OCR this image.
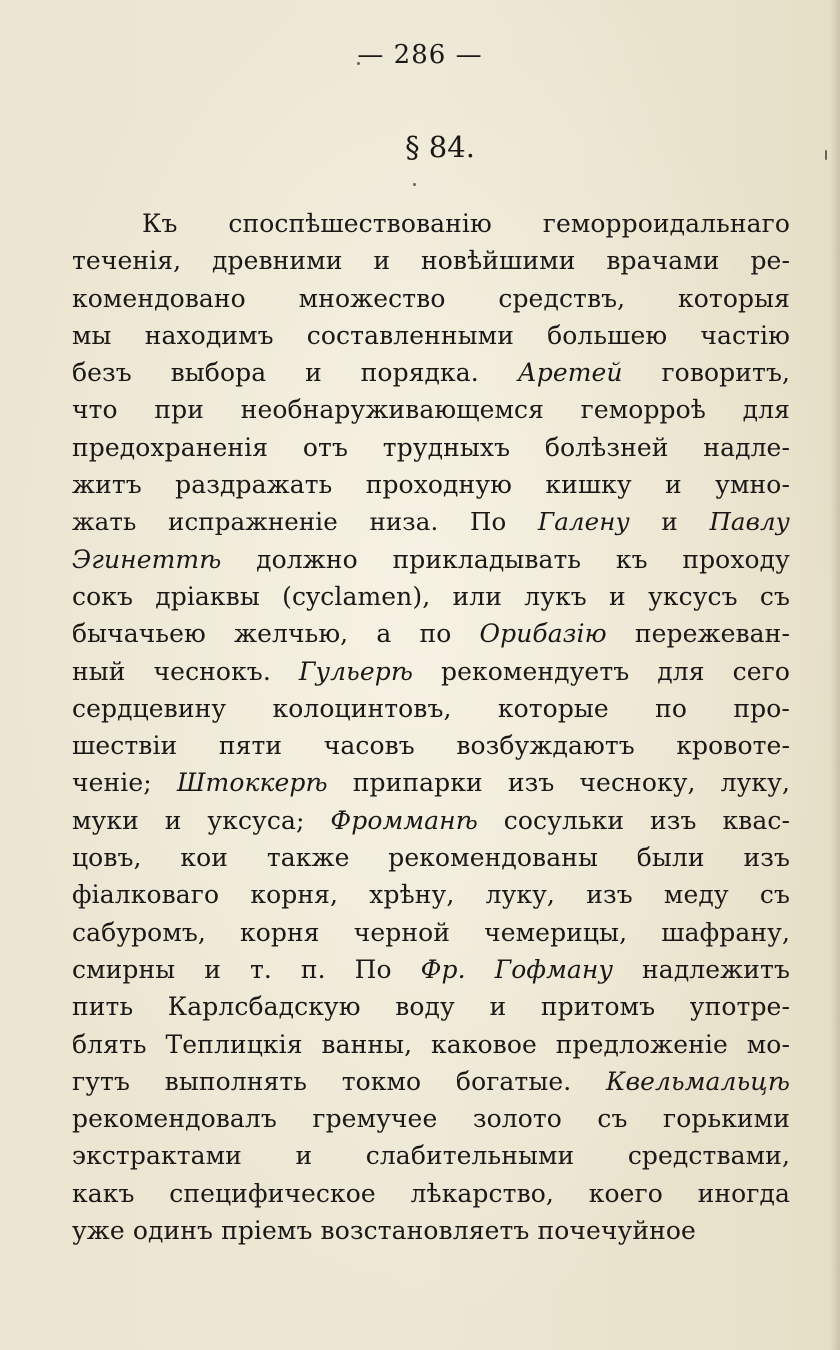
— 286 —
§ 84.
Къ споспѣшествованію геморроидальнаго
теченія, древними и новѣйшими врачами ре-
комендовано множество средствъ, которыя
мы находимъ составленными большею частію
безъ выбора и порядка. Аретей говоритъ,
что при необнаруживающемся геморроѣ для
предохраненія отъ трудныхъ болѣзней надле-
житъ раздражать проходную кишку и умно-
жать испражненіе низа. По Галену и Павлу
Эгинеттѣ должно прикладывать къ проходу
сокъ дріаквы (cyclamen), или лукъ и уксусъ съ
бычачьею желчью, а по Орибазію пережеван-
ный чеснокъ. Гульерѣ рекомендуетъ для сего
сердцевину колоцинтовъ, которые по про-
шествіи пяти часовъ возбуждаютъ кровотe-
ченіе; Штоккерѣ припарки изъ чесноку, луку,
муки и уксуса; Фромманѣ сосульки изъ квас-
цовъ, кои также рекомендованы были изъ
фіалковаго корня, хрѣну, луку, изъ меду съ
сабуромъ, корня черной чемерицы, шафрану,
смирны и т. п. По Фр. Гофману надлежитъ
пить Карлсбадскую воду и притомъ употре-
блять Теплицкія ванны, каковое предложеніе мо-
гутъ выполнять токмо богатые. Квельмальцѣ
рекомендовалъ гремучее золото съ горькими
экстрактами и слабительными средствами,
какъ специфическое лѣкарство, коего иногда
уже одинъ пріемъ возстановляетъ почечуйное
